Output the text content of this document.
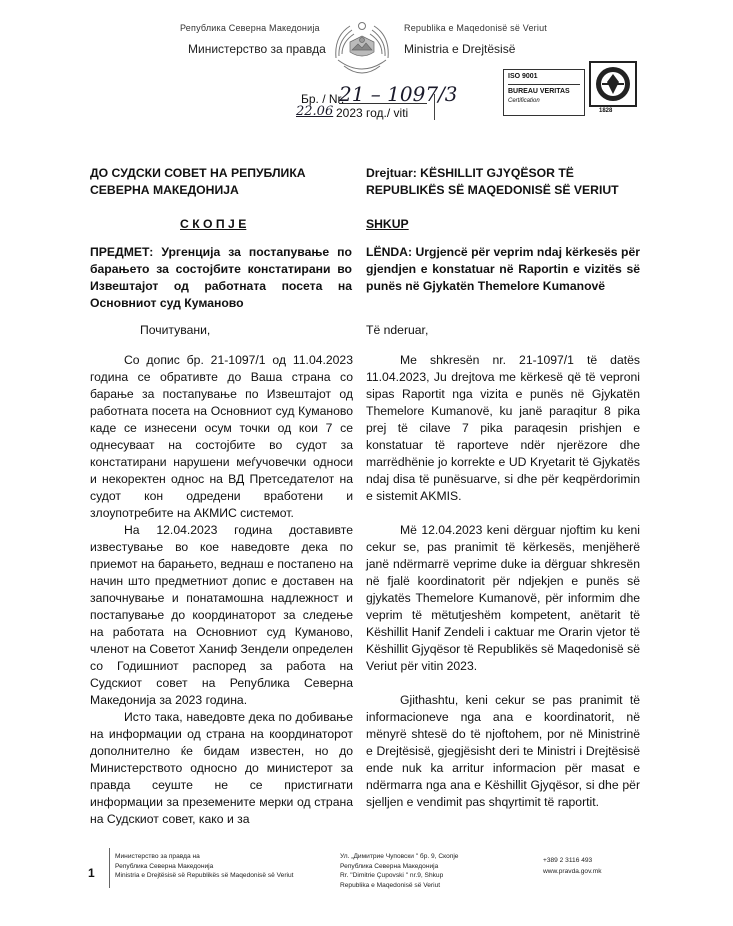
Република Северна Македонија
Министерство за правда
Republika e Maqedonisë së Veriut
Ministria e Drejtësisë
ISO 9001
BUREAU VERITAS
Certification
1828
Бр. / Nr.
21 – 1097/3
22.06 2023 год./ viti
ДО СУДСКИ СОВЕТ НА РЕПУБЛИКА СЕВЕРНА МАКЕДОНИЈА
С К О П Ј Е
ПРЕДМЕТ: Ургенција за постапување по барањето за состојбите констатирани во Извештајот од работната посета на Основниот суд Куманово
Почитувани,

Со допис бр. 21-1097/1 од 11.04.2023 година се обративте до Ваша страна со барање за постапување по Извештајот од работната посета на Основниот суд Куманово каде се изнесени осум точки од кои 7 се однесуваат на состојбите во судот за констатирани нарушени меѓучовечки односи и некоректен однос на ВД Претседателот на судот кон одредени вработени и злоупотребите на АКМИС системот.

На 12.04.2023 година доставивте известување во кое наведовте дека по приемот на барањето, веднаш е постапено на начин што предметниот допис е доставен на започнување и понатамошна надлежност и постапување до координаторот за следење на работата на Основниот суд Куманово, членот на Советот Ханиф Зендели определен со Годишниот распоред за работа на Судскиот совет на Република Северна Македонија за 2023 година.

Исто така, наведовте дека по добивање на информации од страна на координаторот дополнително ќе бидам известен, но до Министерството односно до министерот за правда сеуште не се пристигнати информации за преземените мерки од страна на Судскиот совет, како и за

Drejtuar: KËSHILLIT GJYQËSOR TË REPUBLIKËS SË MAQEDONISË SË VERIUT
SHKUP
LËNDA: Urgjencë për veprim ndaj kërkesës për gjendjen e konstatuar në Raportin e vizitës së punës në Gjykatën Themelore Kumanovë
Të nderuar,

Me shkresën nr. 21-1097/1 të datës 11.04.2023, Ju drejtova me kërkesë që të vepronі sipas Raportit nga vizita e punës në Gjykatën Themelore Kumanovë, ku janë paraqitur 8 pika prej të cilave 7 pika paraqesin prishjen e konstatuar të raporteve ndër njerëzore dhe marrëdhënie jo korrekte e UD Kryetarit të Gjykatës ndaj disa të punësuarve, si dhe për keqpërdorimin e sistemit AKMIS.

Më 12.04.2023 keni dërguar njoftim ku keni cekur se, pas pranimit të kërkesës, menjëherë janë ndërmarrë veprime duke ia dërguar shkresën në fjalë koordinatorit për ndjekjen e punës së gjykatës Themelore Kumanovë, për informim dhe veprim të mëtutjeshëm kompetent, anëtarit të Këshillit Hanif Zendeli i caktuar me Orarin vjetor të Këshillit Gjyqësor të Republikës së Maqedonisë së Veriut për vitin 2023.

Gjithashtu, keni cekur se pas pranimit të informacioneve nga ana e koordinatorit, në mënyrë shtesë do të njoftohem, por në Ministrinë e Drejtësisë, gjegjësisht deri te Ministri i Drejtësisë ende nuk ka arritur informacion për masat e ndërmarra nga ana e Këshillit Gjyqësor, si dhe për sjelljen e vendimit pas shqyrtimit të raportit.

1
Министерство за правда на
Република Северна Македонија
Ministria e Drejtësisë së Republikës së Maqedonisë së Veriut
Ул. „Димитрие Чуповски " бр. 9, Скопје
Република Северна Македонија
Rr. "Dimitrie Çupovski " nr.9, Shkup
Republika e Maqedonisë së Veriut
+389 2 3116 493
www.pravda.gov.mk
